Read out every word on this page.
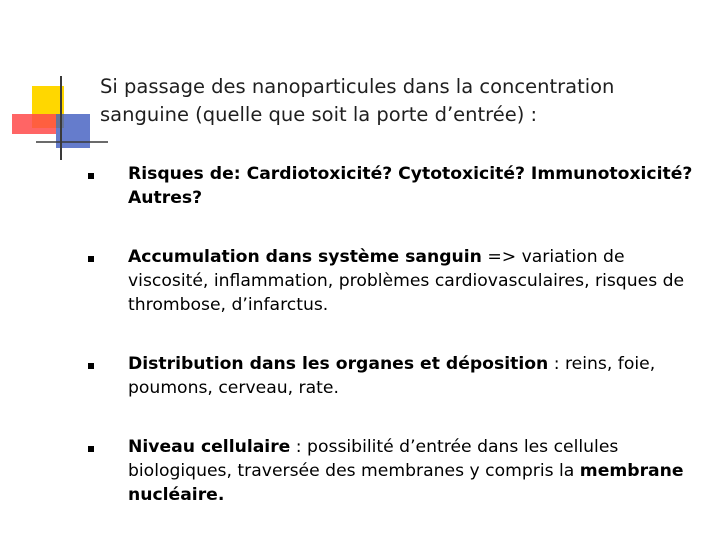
Si passage des nanoparticules dans la concentration sanguine (quelle que soit la porte d’entrée) :
Risques de: Cardiotoxicité? Cytotoxicité? Immunotoxicité? Autres?
Accumulation dans système sanguin => variation de viscosité, inflammation, problèmes cardiovasculaires, risques de thrombose, d’infarctus.
Distribution dans les organes et déposition : reins, foie, poumons, cerveau, rate.
Niveau cellulaire : possibilité d’entrée dans les cellules biologiques, traversée des membranes y compris la membrane nucléaire.
